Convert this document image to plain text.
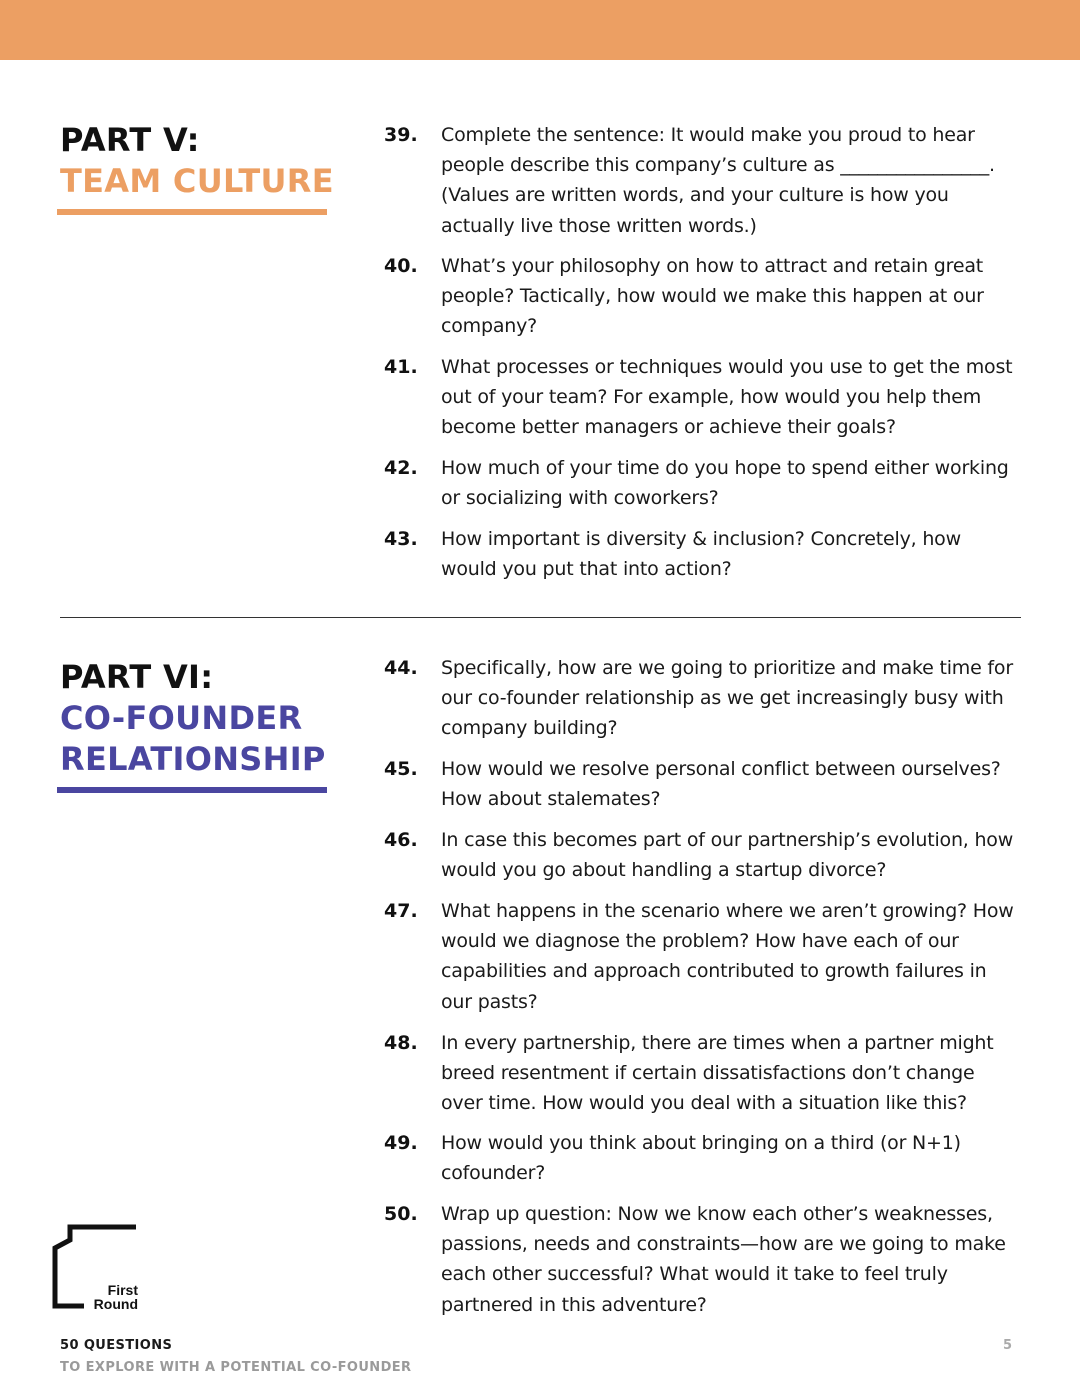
PART V:
TEAM CULTURE
39. Complete the sentence: It would make you proud to hear people describe this company’s culture as ________________. (Values are written words, and your culture is how you actually live those written words.)
40. What’s your philosophy on how to attract and retain great people? Tactically, how would we make this happen at our company?
41. What processes or techniques would you use to get the most out of your team? For example, how would you help them become better managers or achieve their goals?
42. How much of your time do you hope to spend either working or socializing with coworkers?
43. How important is diversity & inclusion? Concretely, how would you put that into action?
PART VI:
CO-FOUNDER
RELATIONSHIP
44. Specifically, how are we going to prioritize and make time for our co-founder relationship as we get increasingly busy with company building?
45. How would we resolve personal conflict between ourselves? How about stalemates?
46. In case this becomes part of our partnership’s evolution, how would you go about handling a startup divorce?
47. What happens in the scenario where we aren’t growing? How would we diagnose the problem? How have each of our capabilities and approach contributed to growth failures in our pasts?
48. In every partnership, there are times when a partner might breed resentment if certain dissatisfactions don’t change over time. How would you deal with a situation like this?
49. How would you think about bringing on a third (or N+1) cofounder?
50. Wrap up question: Now we know each other’s weaknesses, passions, needs and constraints—how are we going to make each other successful? What would it take to feel truly partnered in this adventure?
First
Round
50 QUESTIONS
TO EXPLORE WITH A POTENTIAL CO-FOUNDER
5
